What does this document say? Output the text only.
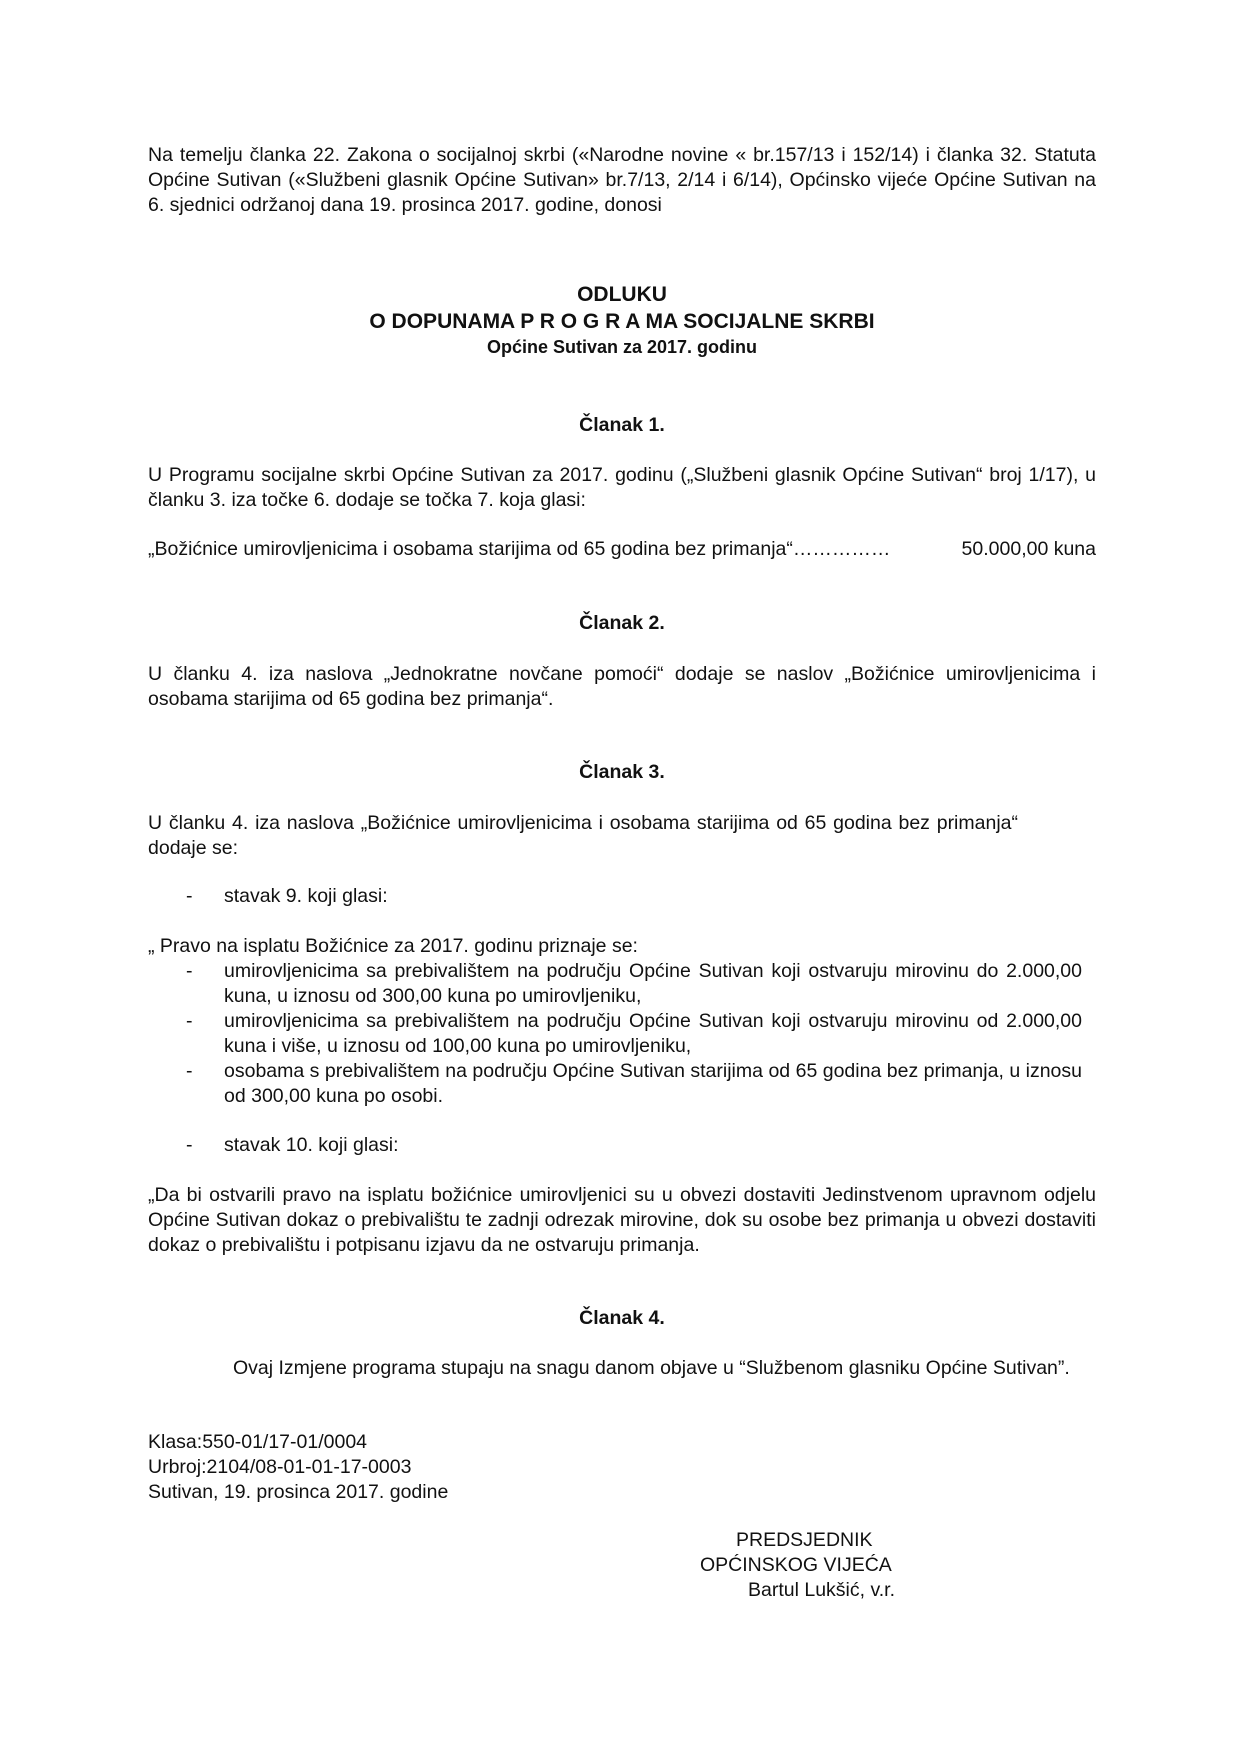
Na temelju članka 22. Zakona o socijalnoj skrbi («Narodne novine « br.157/13 i 152/14) i članka 32. Statuta Općine Sutivan («Službeni glasnik Općine Sutivan» br.7/13, 2/14 i 6/14), Općinsko vijeće Općine Sutivan na 6. sjednici održanoj dana 19. prosinca 2017. godine, donosi

ODLUKU
O DOPUNAMA P R O G R A MA SOCIJALNE SKRBI
Općine Sutivan za 2017. godinu

Članak 1.

U Programu socijalne skrbi Općine Sutivan za 2017. godinu („Službeni glasnik Općine Sutivan“ broj 1/17), u članku 3. iza točke 6. dodaje se točka 7. koja glasi:

„Božićnice umirovljenicima i osobama starijima od 65 godina bez primanja“……………	50.000,00 kuna

Članak 2.

U članku 4. iza naslova „Jednokratne novčane pomoći“ dodaje se naslov „Božićnice umirovljenicima i osobama starijima od 65 godina bez primanja“.

Članak 3.

U članku 4. iza naslova „Božićnice umirovljenicima i osobama starijima od 65 godina bez primanja“ dodaje se:

- stavak 9. koji glasi:

„ Pravo na isplatu Božićnice za 2017. godinu priznaje se:

- umirovljenicima sa prebivalištem na području Općine Sutivan koji ostvaruju mirovinu do 2.000,00 kuna, u iznosu od 300,00 kuna po umirovljeniku,
- umirovljenicima sa prebivalištem na području Općine Sutivan koji ostvaruju mirovinu od 2.000,00 kuna i više, u iznosu od 100,00 kuna po umirovljeniku,
- osobama s prebivalištem na području Općine Sutivan starijima od 65 godina bez primanja, u iznosu od 300,00 kuna po osobi.
- stavak 10. koji glasi:

„Da bi ostvarili pravo na isplatu božićnice umirovljenici su u obvezi dostaviti Jedinstvenom upravnom odjelu Općine Sutivan dokaz o prebivalištu te zadnji odrezak mirovine, dok su osobe bez primanja u obvezi dostaviti dokaz o prebivalištu i potpisanu izjavu da ne ostvaruju primanja.

Članak 4.

Ovaj Izmjene programa stupaju na snagu danom objave u “Službenom glasniku Općine Sutivan”.

Klasa:550-01/17-01/0004
Urbroj:2104/08-01-01-17-0003
Sutivan, 19. prosinca 2017. godine
PREDSJEDNIK
OPĆINSKOG VIJEĆA
Bartul Lukšić, v.r.
